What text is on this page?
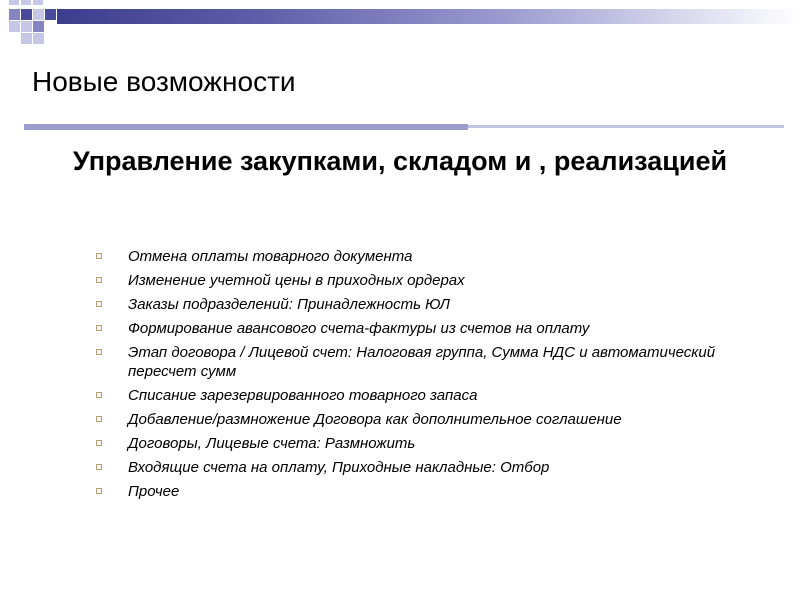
Новые возможности
Управление закупками, складом и , реализацией
Отмена оплаты товарного документа
Изменение учетной цены в приходных ордерах
Заказы подразделений: Принадлежность ЮЛ
Формирование авансового счета-фактуры из счетов на оплату
Этап договора / Лицевой счет: Налоговая группа, Сумма НДС и автоматический пересчет сумм
Списание зарезервированного товарного запаса
Добавление/размножение Договора как дополнительное соглашение
Договоры, Лицевые счета: Размножить
Входящие счета на оплату, Приходные накладные: Отбор
Прочее
